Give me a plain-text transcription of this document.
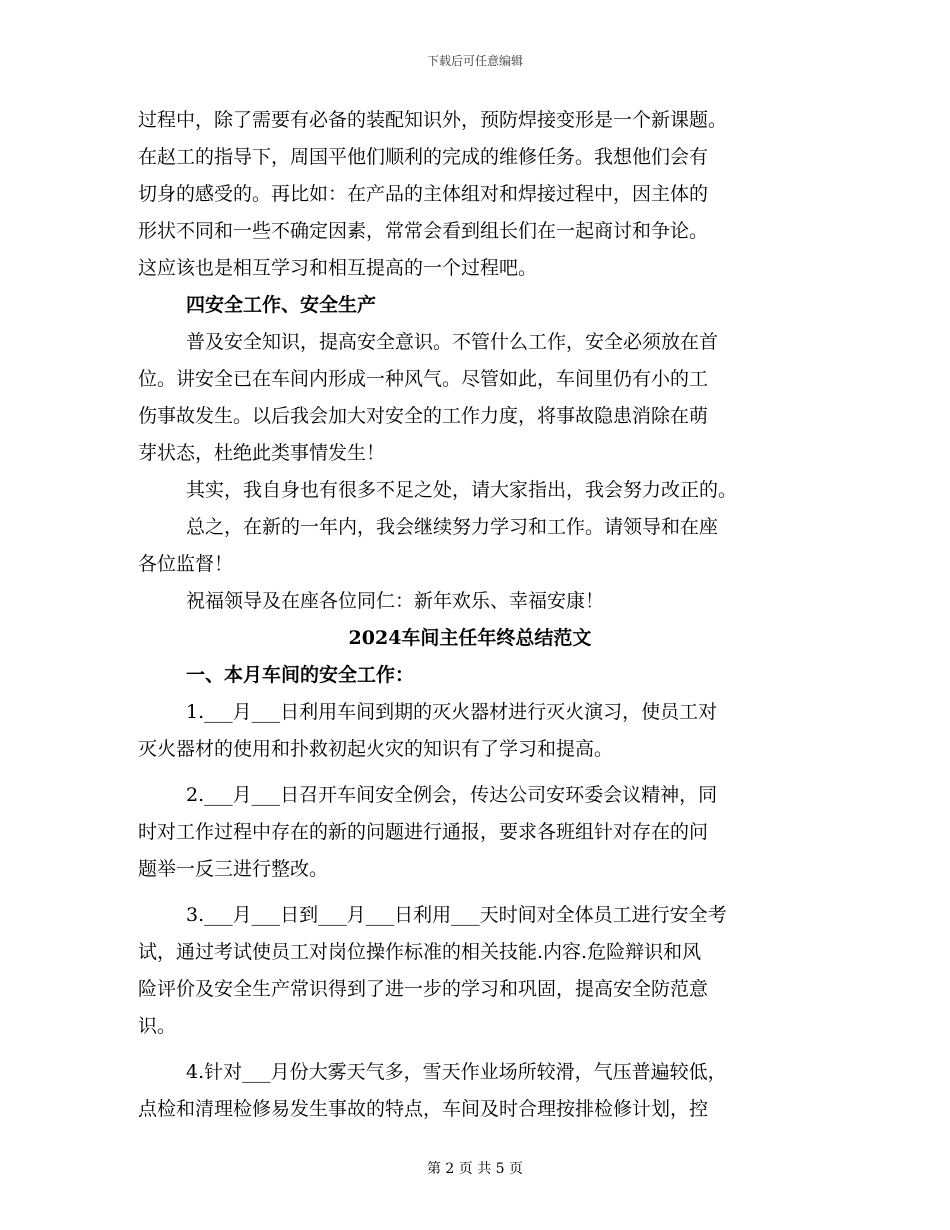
下载后可任意编辑
过程中，除了需要有必备的装配知识外，预防焊接变形是一个新课题。
在赵工的指导下，周国平他们顺利的完成的维修任务。我想他们会有
切身的感受的。再比如：在产品的主体组对和焊接过程中，因主体的
形状不同和一些不确定因素，常常会看到组长们在一起商讨和争论。
这应该也是相互学习和相互提高的一个过程吧。
四安全工作、安全生产
普及安全知识，提高安全意识。不管什么工作，安全必须放在首
位。讲安全已在车间内形成一种风气。尽管如此，车间里仍有小的工
伤事故发生。以后我会加大对安全的工作力度，将事故隐患消除在萌
芽状态，杜绝此类事情发生！
其实，我自身也有很多不足之处，请大家指出，我会努力改正的。
总之，在新的一年内，我会继续努力学习和工作。请领导和在座
各位监督！
祝福领导及在座各位同仁：新年欢乐、幸福安康！
2024车间主任年终总结范文
一、本月车间的安全工作：
1.___月___日利用车间到期的灭火器材进行灭火演习，使员工对
灭火器材的使用和扑救初起火灾的知识有了学习和提高。
2.___月___日召开车间安全例会，传达公司安环委会议精神，同
时对工作过程中存在的新的问题进行通报，要求各班组针对存在的问
题举一反三进行整改。
3.___月___日到___月___日利用___天时间对全体员工进行安全考
试，通过考试使员工对岗位操作标准的相关技能.内容.危险辩识和风
险评价及安全生产常识得到了进一步的学习和巩固，提高安全防范意
识。
4.针对___月份大雾天气多，雪天作业场所较滑，气压普遍较低，
点检和清理检修易发生事故的特点，车间及时合理按排检修计划，控
第 2 页 共 5 页
